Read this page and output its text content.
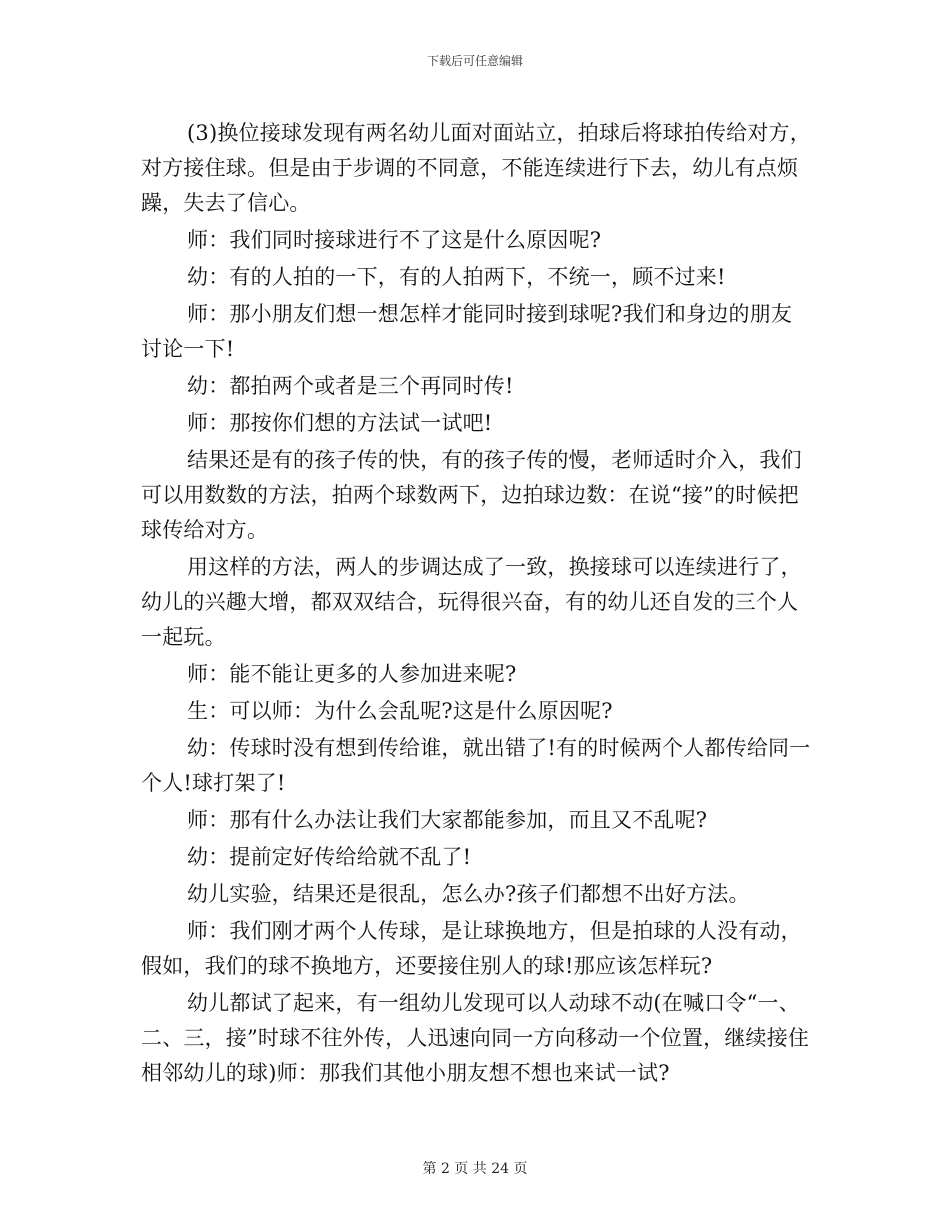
下载后可任意编辑

(3)换位接球发现有两名幼儿面对面站立，拍球后将球拍传给对方，对方接住球。但是由于步调的不同意，不能连续进行下去，幼儿有点烦躁，失去了信心。

师：我们同时接球进行不了这是什么原因呢?

幼：有的人拍的一下，有的人拍两下，不统一，顾不过来!

师：那小朋友们想一想怎样才能同时接到球呢?我们和身边的朋友讨论一下!

幼：都拍两个或者是三个再同时传!

师：那按你们想的方法试一试吧!

结果还是有的孩子传的快，有的孩子传的慢，老师适时介入，我们可以用数数的方法，拍两个球数两下，边拍球边数：在说“接”的时候把球传给对方。

用这样的方法，两人的步调达成了一致，换接球可以连续进行了，幼儿的兴趣大增，都双双结合，玩得很兴奋，有的幼儿还自发的三个人一起玩。

师：能不能让更多的人参加进来呢?

生：可以师：为什么会乱呢?这是什么原因呢?

幼：传球时没有想到传给谁，就出错了!有的时候两个人都传给同一个人!球打架了!

师：那有什么办法让我们大家都能参加，而且又不乱呢?

幼：提前定好传给给就不乱了!

幼儿实验，结果还是很乱，怎么办?孩子们都想不出好方法。

师：我们刚才两个人传球，是让球换地方，但是拍球的人没有动，假如，我们的球不换地方，还要接住别人的球!那应该怎样玩?

幼儿都试了起来，有一组幼儿发现可以人动球不动(在喊口令“一、二、三，接”时球不往外传，人迅速向同一方向移动一个位置，继续接住相邻幼儿的球)师：那我们其他小朋友想不想也来试一试?

第 2 页 共 24 页
